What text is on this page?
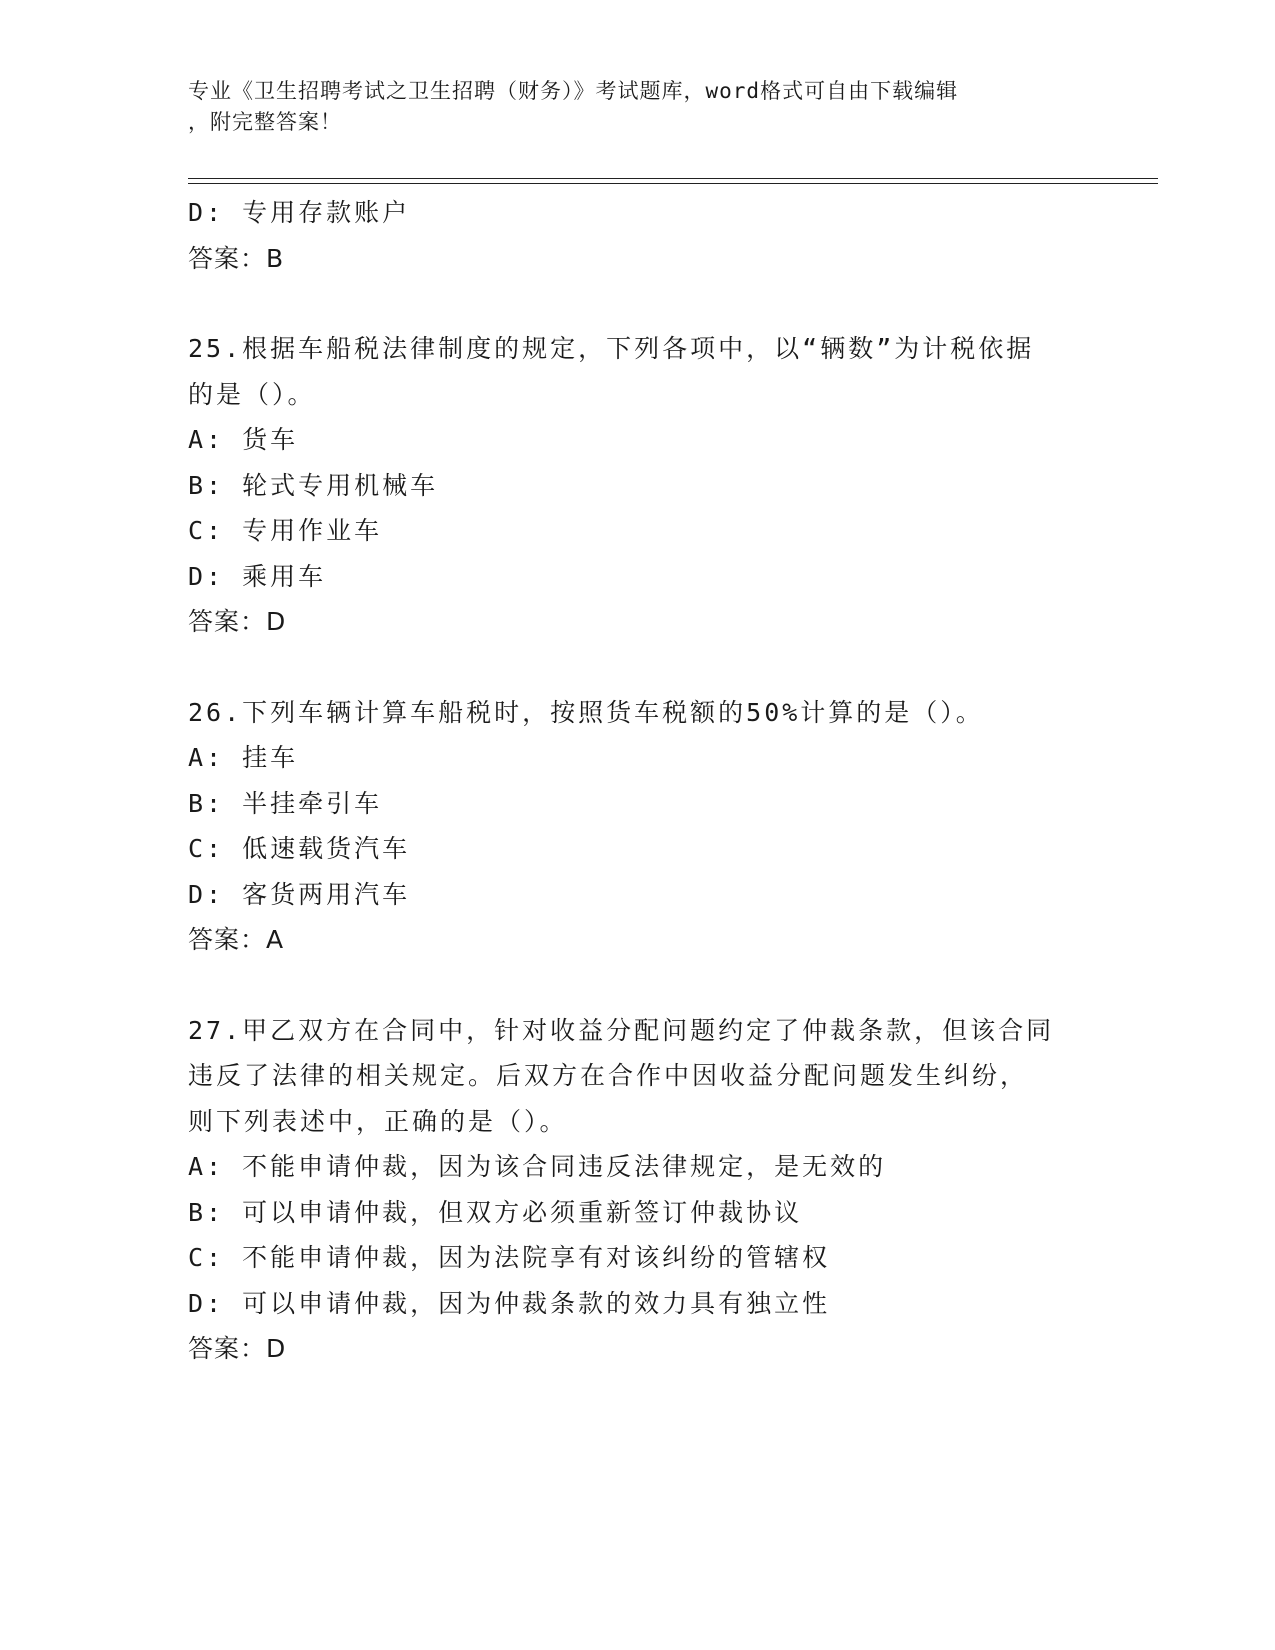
专业《卫生招聘考试之卫生招聘（财务）》考试题库，word格式可自由下载编辑
，附完整答案！
D: 专用存款账户
答案：B
25.根据车船税法律制度的规定，下列各项中，以“辆数”为计税依据
的是（）。
A: 货车
B: 轮式专用机械车
C: 专用作业车
D: 乘用车
答案：D
26.下列车辆计算车船税时，按照货车税额的50%计算的是（）。
A: 挂车
B: 半挂牵引车
C: 低速载货汽车
D: 客货两用汽车
答案：A
27.甲乙双方在合同中，针对收益分配问题约定了仲裁条款，但该合同
违反了法律的相关规定。后双方在合作中因收益分配问题发生纠纷，
则下列表述中，正确的是（）。
A: 不能申请仲裁，因为该合同违反法律规定，是无效的
B: 可以申请仲裁，但双方必须重新签订仲裁协议
C: 不能申请仲裁，因为法院享有对该纠纷的管辖权
D: 可以申请仲裁，因为仲裁条款的效力具有独立性
答案：D
